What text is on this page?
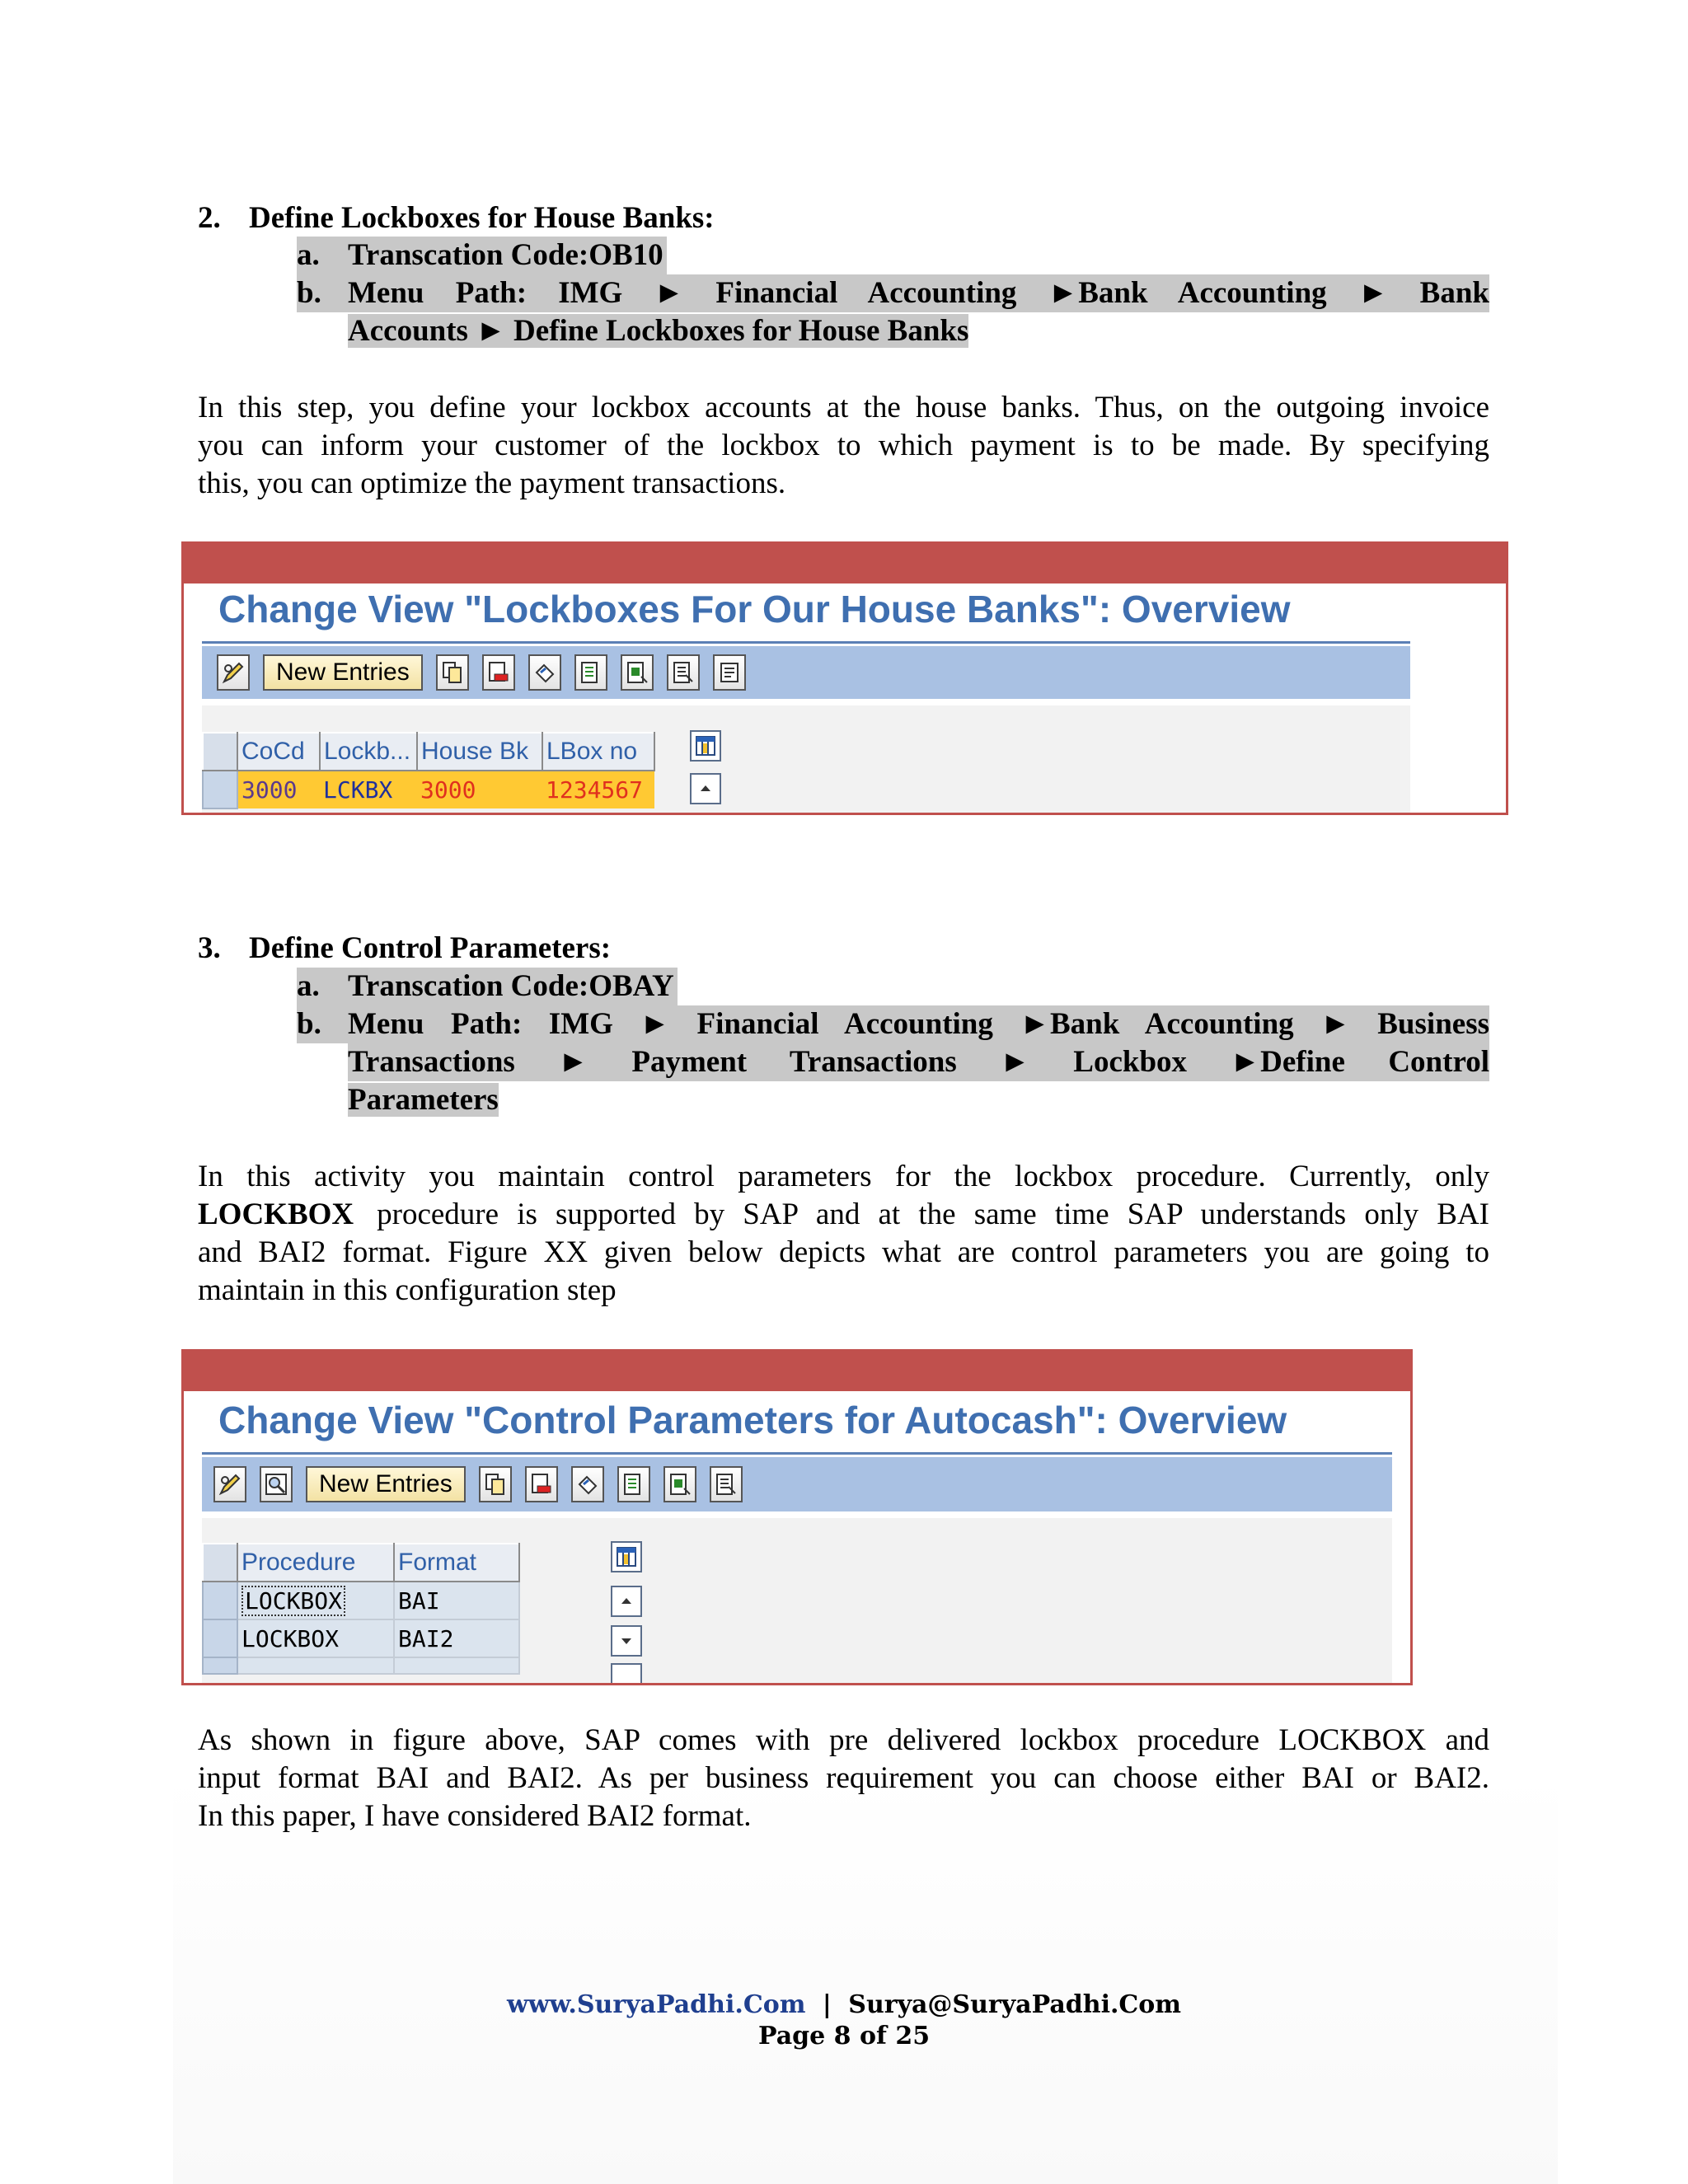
2. Define Lockboxes for House Banks:
a. Transcation Code:OB10
b. Menu Path: IMG ► Financial Accounting ►Bank Accounting ► Bank
Accounts ► Define Lockboxes for House Banks
In this step, you define your lockbox accounts at the house banks. Thus, on the outgoing invoice
you can inform your customer of the lockbox to which payment is to be made. By specifying
this, you can optimize the payment transactions.
Change View "Lockboxes For Our House Banks": Overview
New Entries
	CoCd	Lockb...	House Bk	LBox no
	3000	LCKBX	3000	1234567
3. Define Control Parameters:
a. Transcation Code:OBAY
b. Menu Path: IMG ► Financial Accounting ►Bank Accounting ► Business
Transactions ► Payment Transactions ► Lockbox ►Define Control
Parameters
In this activity you maintain control parameters for the lockbox procedure. Currently, only
LOCKBOX procedure is supported by SAP and at the same time SAP understands only BAI
and BAI2 format. Figure XX given below depicts what are control parameters you are going to
maintain in this configuration step
Change View "Control Parameters for Autocash": Overview
New Entries
	Procedure	Format
	LOCKBOX	BAI
	LOCKBOX	BAI2

As shown in figure above, SAP comes with pre delivered lockbox procedure LOCKBOX and
input format BAI and BAI2. As per business requirement you can choose either BAI or BAI2.
In this paper, I have considered BAI2 format.
www.SuryaPadhi.Com | Surya@SuryaPadhi.Com
Page 8 of 25
